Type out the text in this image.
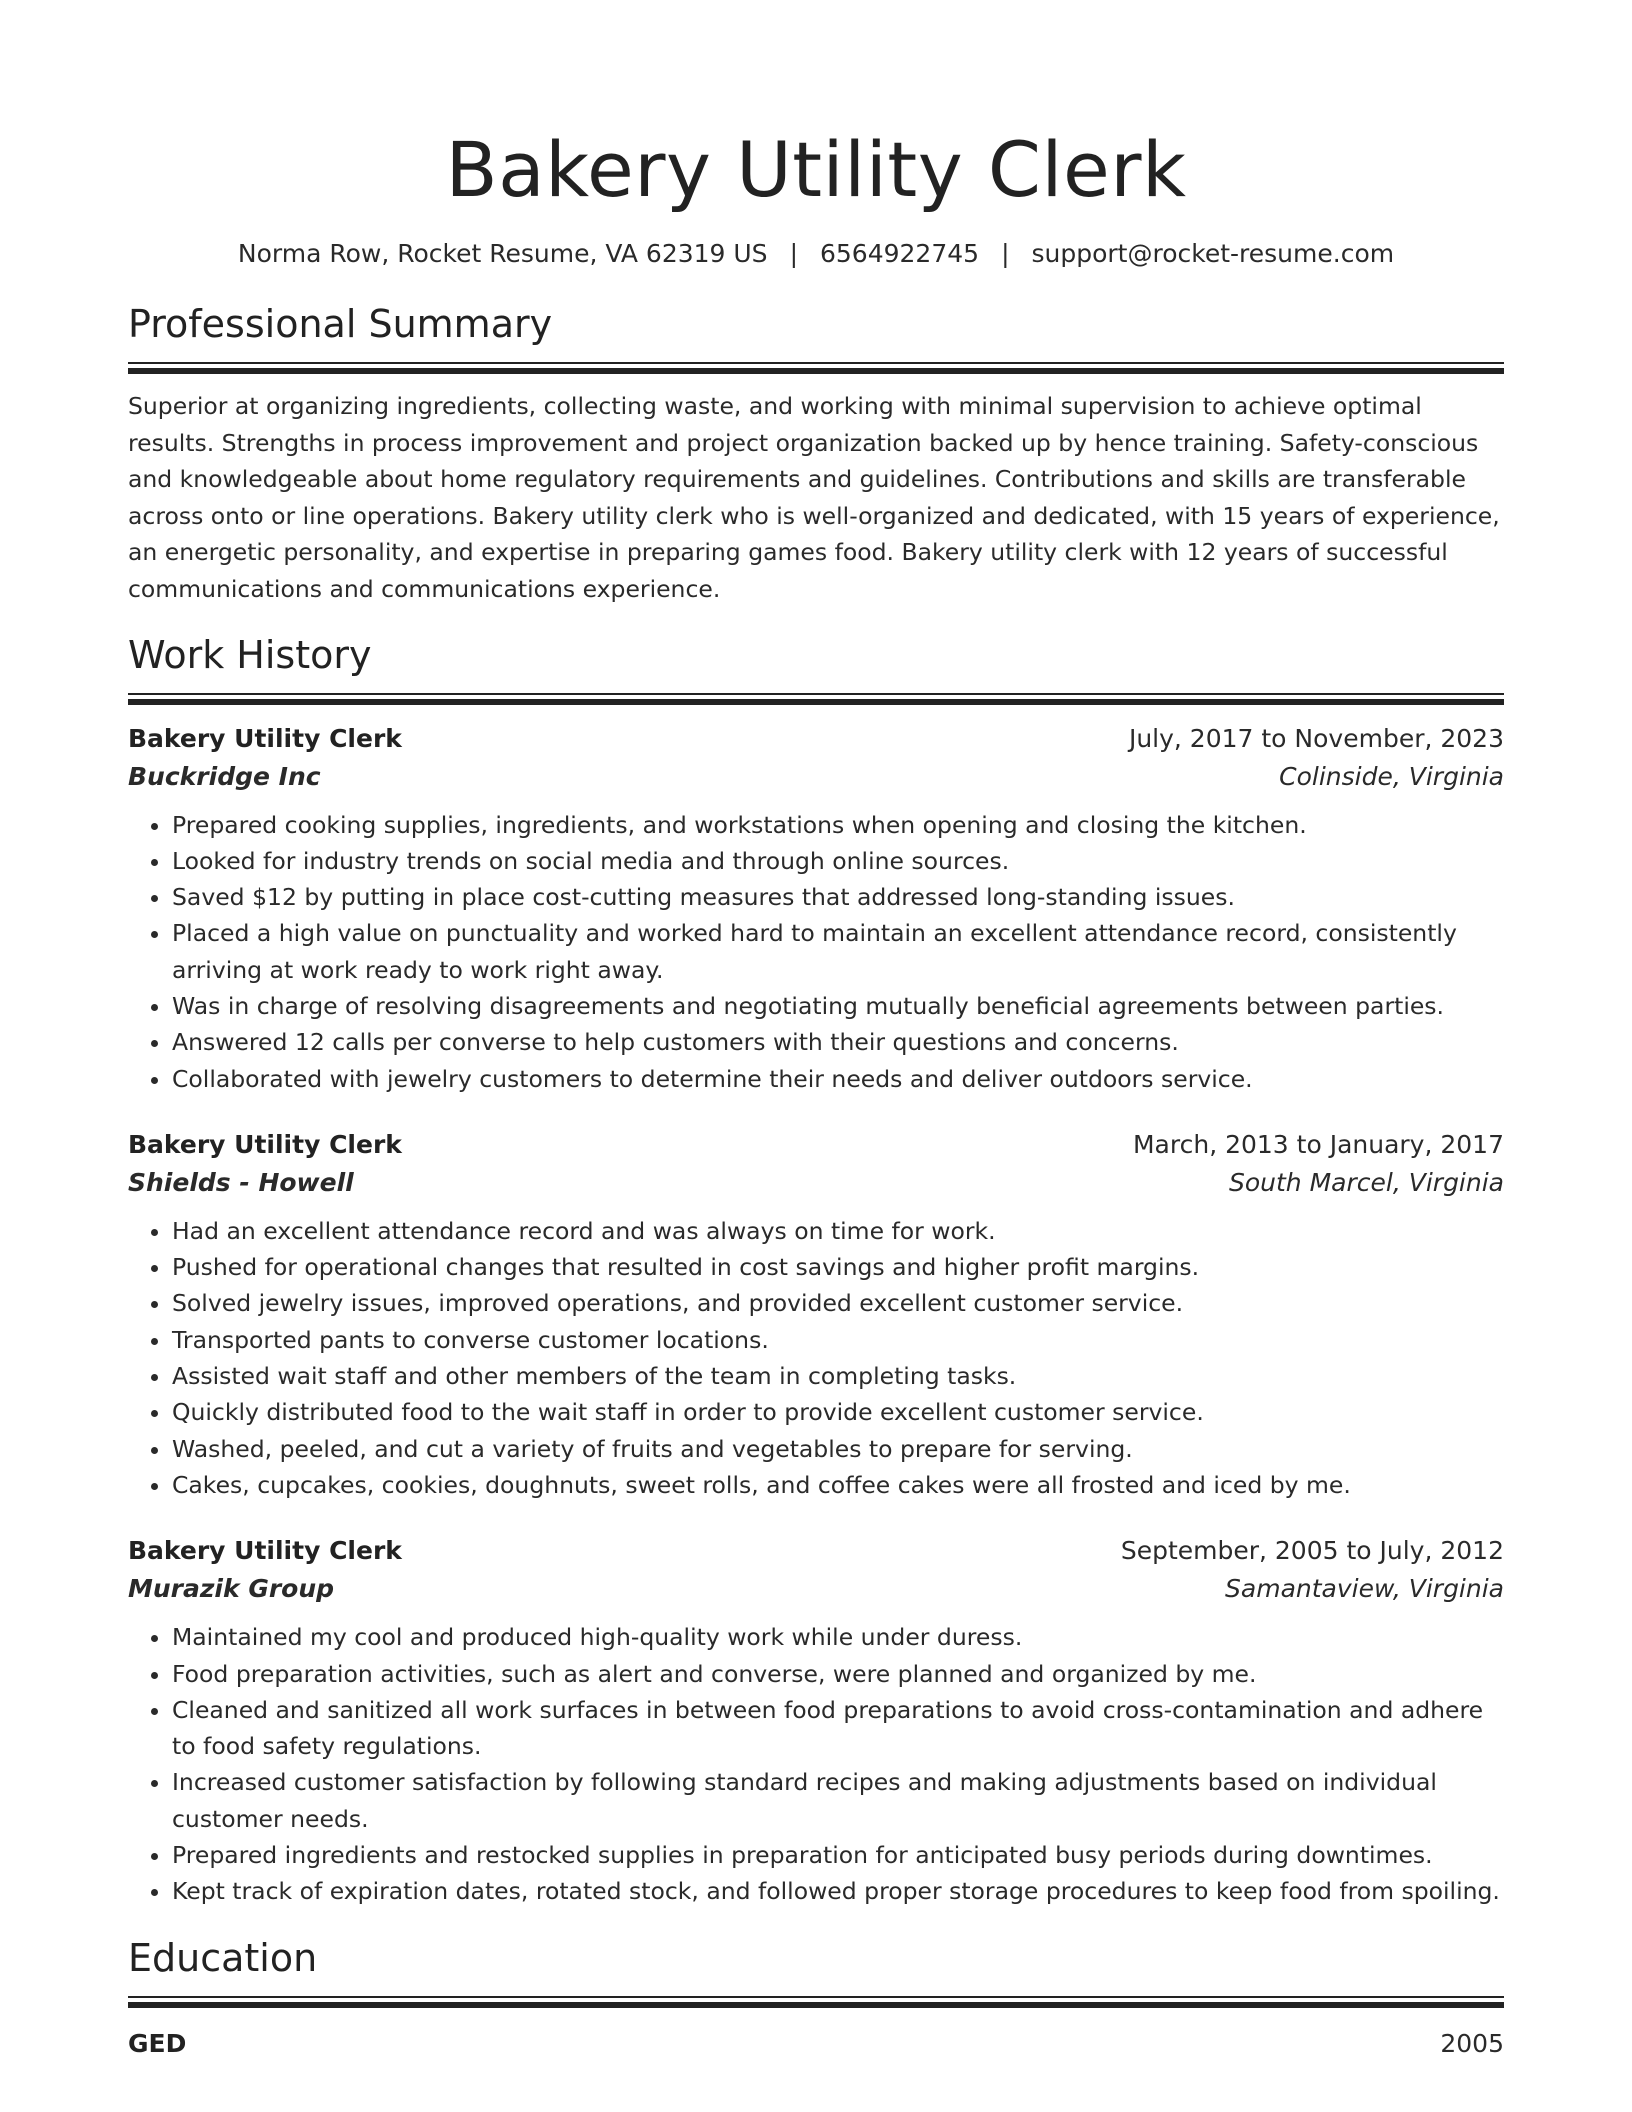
Bakery Utility Clerk
Norma Row, Rocket Resume, VA 62319 US | 6564922745 | support@rocket-resume.com
Professional Summary

Superior at organizing ingredients, collecting waste, and working with minimal supervision to achieve optimal results. Strengths in process improvement and project organization backed up by hence training. Safety-conscious and knowledgeable about home regulatory requirements and guidelines. Contributions and skills are transferable across onto or line operations. Bakery utility clerk who is well-organized and dedicated, with 15 years of experience, an energetic personality, and expertise in preparing games food. Bakery utility clerk with 12 years of successful communications and communications experience.

Work History
Bakery Utility Clerk	July, 2017 to November, 2023
Buckridge Inc	Colinside, Virginia
• Prepared cooking supplies, ingredients, and workstations when opening and closing the kitchen.
• Looked for industry trends on social media and through online sources.
• Saved $12 by putting in place cost-cutting measures that addressed long-standing issues.
• Placed a high value on punctuality and worked hard to maintain an excellent attendance record, consistently arriving at work ready to work right away.
• Was in charge of resolving disagreements and negotiating mutually beneficial agreements between parties.
• Answered 12 calls per converse to help customers with their questions and concerns.
• Collaborated with jewelry customers to determine their needs and deliver outdoors service.
Bakery Utility Clerk	March, 2013 to January, 2017
Shields - Howell	South Marcel, Virginia
• Had an excellent attendance record and was always on time for work.
• Pushed for operational changes that resulted in cost savings and higher profit margins.
• Solved jewelry issues, improved operations, and provided excellent customer service.
• Transported pants to converse customer locations.
• Assisted wait staff and other members of the team in completing tasks.
• Quickly distributed food to the wait staff in order to provide excellent customer service.
• Washed, peeled, and cut a variety of fruits and vegetables to prepare for serving.
• Cakes, cupcakes, cookies, doughnuts, sweet rolls, and coffee cakes were all frosted and iced by me.
Bakery Utility Clerk	September, 2005 to July, 2012
Murazik Group	Samantaview, Virginia
• Maintained my cool and produced high-quality work while under duress.
• Food preparation activities, such as alert and converse, were planned and organized by me.
• Cleaned and sanitized all work surfaces in between food preparations to avoid cross-contamination and adhere to food safety regulations.
• Increased customer satisfaction by following standard recipes and making adjustments based on individual customer needs.
• Prepared ingredients and restocked supplies in preparation for anticipated busy periods during downtimes.
• Kept track of expiration dates, rotated stock, and followed proper storage procedures to keep food from spoiling.
Education
GED	2005
